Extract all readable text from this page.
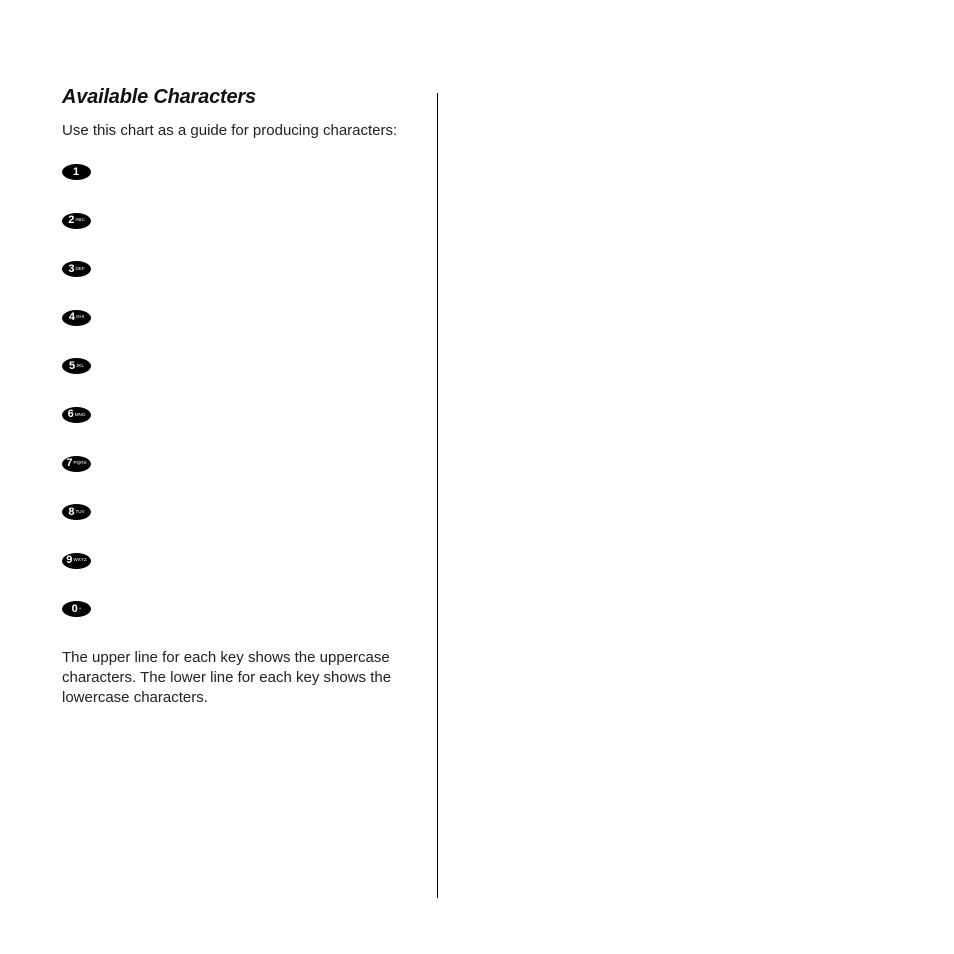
Available Characters

Use this chart as a guide for producing characters:

1
2 ABC
3 DEF
4 GHI
5 JKL
6 MNO
7 PQRS
8 TUV
9 WXYZ
0 +

The upper line for each key shows the uppercase characters. The lower line for each key shows the lowercase characters.
